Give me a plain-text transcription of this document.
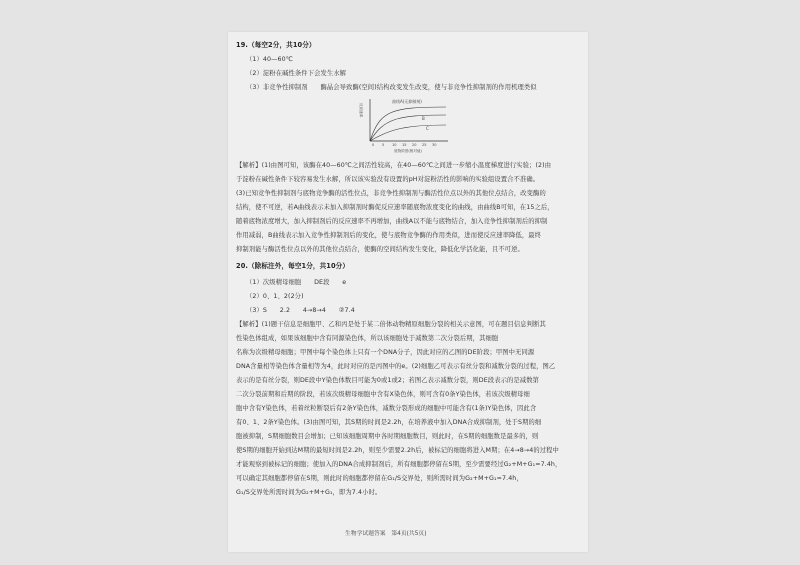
19.（每空2分，共10分）
（1）40—60℃
（2）淀粉在碱性条件下会发生水解
（3）非竞争性抑制剂　　酶晶会导致酶(空间)结构改变发生改变，使与非竞争性抑制剂的作用机理类似
反应速率
曲线A(无抑制剂)
B
C
0 5 10 15 20 25 30
底物浓度(相对值)
【解析】(1)由图可知，该酶在40—60℃之间活性较高，在40—60℃之间进一步缩小温度梯度进行实验；(2)由
于淀粉在碱性条件下较容易发生水解，所以该实验没有设置的pH对淀粉活性的影响的实验组设置合不准确。
(3)已知竞争性抑制剂与底物竞争酶的活性位点，非竞争性抑制剂与酶活性位点以外的其他位点结合，改变酶的
结构，使不可逆，若A曲线表示未加入抑制剂时酶促反应速率随底物浓度变化的曲线，由曲线B可知，在15之后，
随着底物浓度增大，加入抑制剂后的反应速率不再增加，曲线A以不能与底物结合，加入竞争性抑制剂后的抑制
作用减弱，B曲线表示加入竞争性抑制剂后的变化，使与底物竞争酶的作用类似，进而使反应速率降低，最终
抑制剂能与酶活性位点以外的其他位点结合，使酶的空间结构发生变化，降低化学活化能，且不可逆。
20.（除标注外，每空1分，共10分）
（1）次级精母细胞　　DE段　　e
（2）0、1、2(2分)
（3）S　　2.2　　4→8→4　　②7.4
【解析】(1)题干信息是细胞甲、乙和丙是处于某二倍体动物精原细胞分裂的相关示意图，可在题目信息判断其
性染色体组成，如果该细胞中含有同源染色体，所以该细胞处于减数第二次分裂后期，其细胞
名称为次级精母细胞；甲图中每个染色体上只有一个DNA分子，因此对应的乙图的DE阶段；甲图中无同源
DNA含量相等染色体含量相等为4，此时对应的是丙图中的e。(2)细胞乙可表示有丝分裂和减数分裂的过程，图乙
表示的是有丝分裂，则DE段中Y染色体数目可能为0或1或2；若图乙表示减数分裂，则DE段表示的是减数第
二次分裂前期和后期的阶段，若该次级精母细胞中含有X染色体，则可含有0条Y染色体，若该次级精母细
胞中含有Y染色体，若着丝粒断裂后有2条Y染色体，减数分裂形成的细胞中可能含有(1条)Y染色体，因此含
有0、1、2条Y染色体。(3)由图可知，其S期的时间是2.2h，在培养液中加入DNA合成抑制剂，处于S期的细
胞被抑制，S期细胞数目会增加；已知该细胞周期中各时期细胞数目，则此时，在S期的细胞数是最多的，则
使S期的细胞开始到达M期的最短时间是2.2h，则至少需要2.2h后，被标记的细胞将进入M期；在4→8→4的过程中
才能观察到被标记的细胞；使加入的DNA合成抑制剂后，所有细胞都停留在S期，至少需要经过G₂+M+G₁=7.4h，
可以确定其细胞都停留在S期，则此时的细胞都停留在G₁/S交界处，则所需时间为G₂+M+G₁=7.4h，
G₁/S交界处所需时间为G₂+M+G₁，即为7.4小时。
生物学试题答案　第4页(共5页)
